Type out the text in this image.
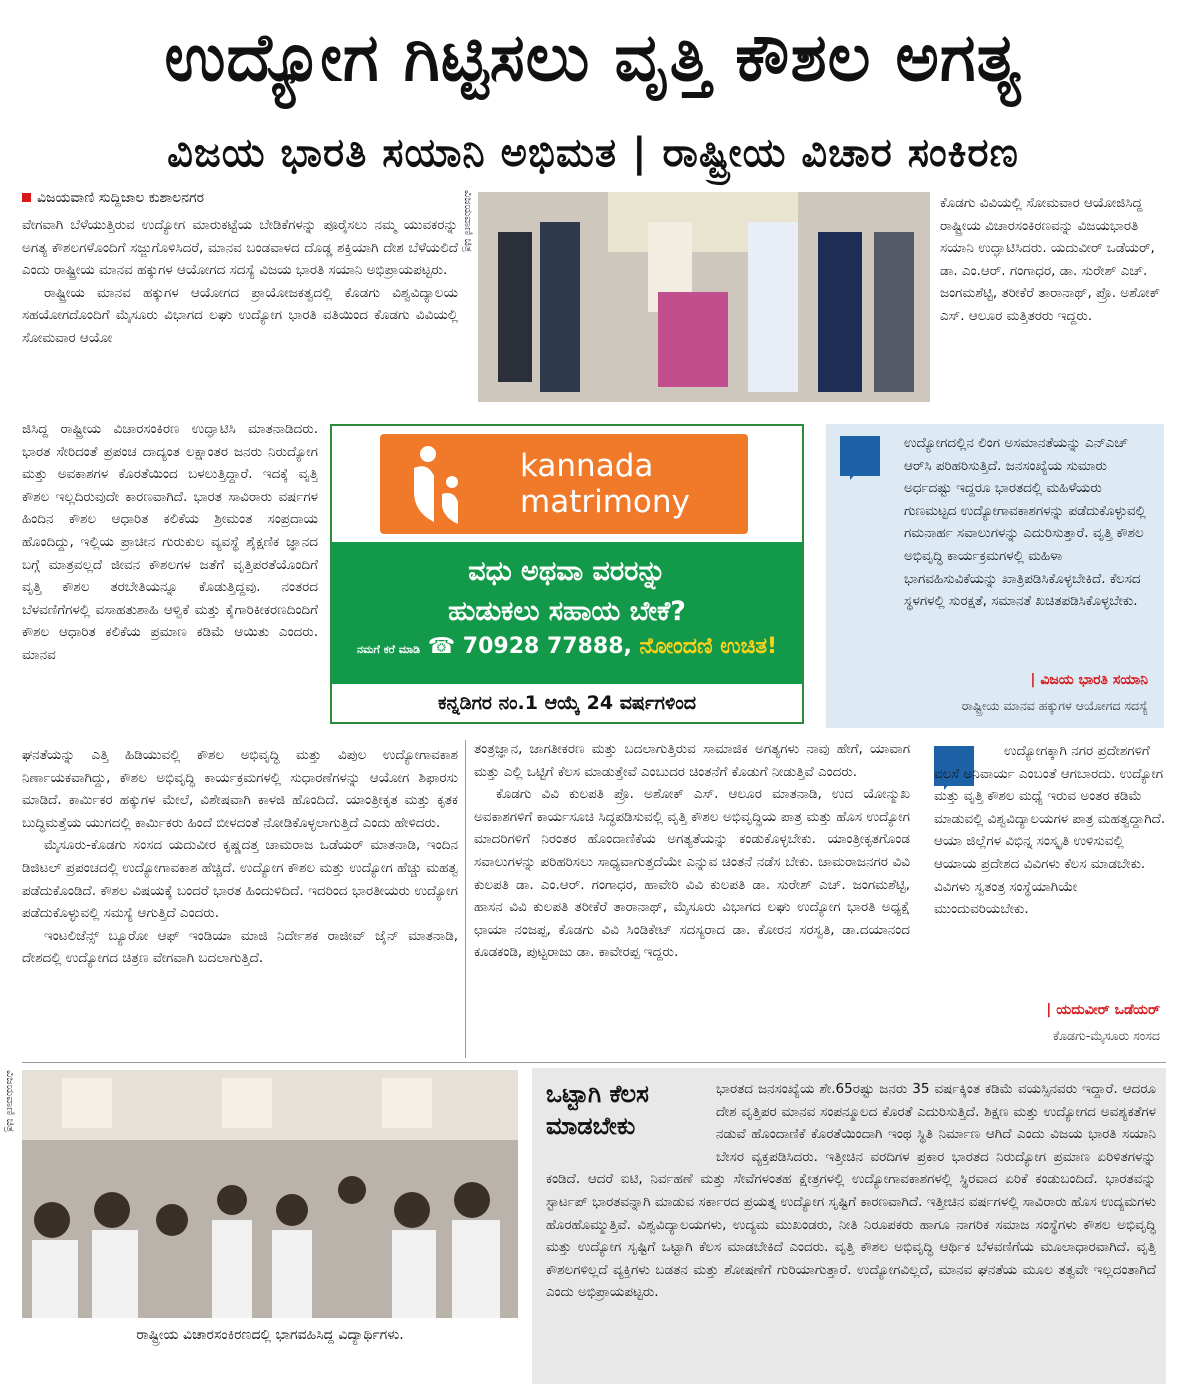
ಉದ್ಯೋಗ ಗಿಟ್ಟಿಸಲು ವೃತ್ತಿ ಕೌಶಲ ಅಗತ್ಯ
ವಿಜಯ ಭಾರತಿ ಸಯಾನಿ ಅಭಿಮತ | ರಾಷ್ಟ್ರೀಯ ವಿಚಾರ ಸಂಕಿರಣ
ವಿಜಯವಾಣಿ ಸುದ್ದಿಜಾಲ ಕುಶಾಲನಗರ
ವೇಗವಾಗಿ ಬೆಳೆಯುತ್ತಿರುವ ಉದ್ಯೋಗ ಮಾರುಕಟ್ಟೆಯ ಬೇಡಿಕೆಗಳನ್ನು ಪೂರೈಸಲು ನಮ್ಮ ಯುವಕರನ್ನು ಅಗತ್ಯ ಕೌಶಲಗಳೊಂದಿಗೆ ಸಜ್ಜುಗೊಳಿಸಿದರೆ, ಮಾನವ ಬಂಡವಾಳದ ದೊಡ್ಡ ಶಕ್ತಿಯಾಗಿ ದೇಶ ಬೆಳೆಯಲಿದೆ ಎಂದು ರಾಷ್ಟ್ರೀಯ ಮಾನವ ಹಕ್ಕುಗಳ ಆಯೋಗದ ಸದಸ್ಯೆ ವಿಜಯ ಭಾರತಿ ಸಯಾನಿ ಅಭಿಪ್ರಾಯಪಟ್ಟರು.
ರಾಷ್ಟ್ರೀಯ ಮಾನವ ಹಕ್ಕುಗಳ ಆಯೋಗದ ಪ್ರಾಯೋಜಕತ್ವದಲ್ಲಿ ಕೊಡಗು ವಿಶ್ವವಿದ್ಯಾಲಯ ಸಹಯೋಗದೊಂದಿಗೆ ಮೈಸೂರು ವಿಭಾಗದ ಲಘು ಉದ್ಯೋಗ ಭಾರತಿ ವತಿಯಿಂದ ಕೊಡಗು ವಿವಿಯಲ್ಲಿ ಸೋಮವಾರ ಆಯೋ
ವಿಜಯವಾಣಿ ಚಿತ್ರ	ಕೊಡಗು ವಿವಿಯಲ್ಲಿ ಸೋಮವಾರ ಆಯೋಜಿಸಿದ್ದ ರಾಷ್ಟ್ರೀಯ ವಿಚಾರಸಂಕಿರಣವನ್ನು ವಿಜಯಭಾರತಿ ಸಯಾನಿ ಉದ್ಘಾಟಿಸಿದರು. ಯದುವೀರ್ ಒಡೆಯರ್, ಡಾ. ಎಂ.ಆರ್. ಗಂಗಾಧರ, ಡಾ. ಸುರೇಶ್ ಎಚ್. ಜಂಗಮಶೆಟ್ಟಿ, ತರೀಕೆರೆ ತಾರಾನಾಥ್, ಪ್ರೊ. ಅಶೋಕ್ ಎಸ್. ಆಲೂರ ಮತ್ತಿತರರು ಇದ್ದರು.
ಜಿಸಿದ್ದ ರಾಷ್ಟ್ರೀಯ ವಿಚಾರಸಂಕಿರಣ ಉದ್ಘಾಟಿಸಿ ಮಾತನಾಡಿದರು. ಭಾರತ ಸೇರಿದಂತೆ ಪ್ರಪಂಚ ದಾದ್ಯಂತ ಲಕ್ಷಾಂತರ ಜನರು ನಿರುದ್ಯೋಗ ಮತ್ತು ಅವಕಾಶಗಳ ಕೊರತೆಯಿಂದ ಬಳಲುತ್ತಿದ್ದಾರೆ. ಇದಕ್ಕೆ ವೃತ್ತಿ ಕೌಶಲ ಇಲ್ಲದಿರುವುದೇ ಕಾರಣವಾಗಿದೆ. ಭಾರತ ಸಾವಿರಾರು ವರ್ಷಗಳ ಹಿಂದಿನ ಕೌಶಲ ಆಧಾರಿತ ಕಲಿಕೆಯ ಶ್ರೀಮಂತ ಸಂಪ್ರದಾಯ ಹೊಂದಿದ್ದು, ಇಲ್ಲಿಯ ಪ್ರಾಚೀನ ಗುರುಕುಲ ವ್ಯವಸ್ಥೆ ಶೈಕ್ಷಣಿಕ ಜ್ಞಾನದ ಬಗ್ಗೆ ಮಾತ್ರವಲ್ಲದೆ ಜೀವನ ಕೌಶಲಗಳ ಜತೆಗೆ ವೃತ್ತಿಪರತೆಯೊಂದಿಗೆ ವೃತ್ತಿ ಕೌಶಲ ತರಬೇತಿಯನ್ನೂ ಕೊಡುತ್ತಿದ್ದವು. ನಂತರದ ಬೆಳವಣಿಗೆಗಳಲ್ಲಿ ವಸಾಹತುಶಾಹಿ ಆಳ್ವಿಕೆ ಮತ್ತು ಕೈಗಾರಿಕೀಕರಣದಿಂದಿಗೆ ಕೌಶಲ ಆಧಾರಿತ ಕಲಿಕೆಯ ಪ್ರಮಾಣ ಕಡಿಮೆ ಆಯಿತು ಎಂದರು. ಮಾನವ
kannada
matrimony
ವಧು ಅಥವಾ ವರರನ್ನು
ಹುಡುಕಲು ಸಹಾಯ ಬೇಕೆ?
ನಮಗೆ ಕರೆ ಮಾಡಿ ☎ 70928 77888, ನೋಂದಣಿ ಉಚಿತ!
ಕನ್ನಡಿಗರ ನಂ.1 ಆಯ್ಕೆ 24 ವರ್ಷಗಳಿಂದ
ಉದ್ಯೋಗದಲ್ಲಿನ ಲಿಂಗ ಅಸಮಾನತೆಯನ್ನು ಎನ್‌ಎಚ್ ಆರ್‌ಸಿ ಪರಿಹರಿಸುತ್ತಿದೆ. ಜನಸಂಖ್ಯೆಯ ಸುಮಾರು ಅರ್ಧದಷ್ಟು ಇದ್ದರೂ ಭಾರತದಲ್ಲಿ ಮಹಿಳೆಯರು ಗುಣಮಟ್ಟದ ಉದ್ಯೋಗಾವಕಾಶಗಳನ್ನು ಪಡೆದುಕೊಳ್ಳುವಲ್ಲಿ ಗಮನಾರ್ಹ ಸವಾಲುಗಳನ್ನು ಎದುರಿಸುತ್ತಾರೆ. ವೃತ್ತಿ ಕೌಶಲ ಅಭಿವೃದ್ಧಿ ಕಾರ್ಯಕ್ರಮಗಳಲ್ಲಿ ಮಹಿಳಾ ಭಾಗವಹಿಸುವಿಕೆಯನ್ನು ಖಾತ್ರಿಪಡಿಸಿಕೊಳ್ಳಬೇಕಿದೆ. ಕೆಲಸದ ಸ್ಥಳಗಳಲ್ಲಿ ಸುರಕ್ಷತೆ, ಸಮಾನತೆ ಖಚಿತಪಡಿಸಿಕೊಳ್ಳಬೇಕು.
| ವಿಜಯ ಭಾರತಿ ಸಯಾನಿ
ರಾಷ್ಟ್ರೀಯ ಮಾನವ ಹಕ್ಕುಗಳ ಆಯೋಗದ ಸದಸ್ಯೆ
ಘನತೆಯನ್ನು ಎತ್ತಿ ಹಿಡಿಯುವಲ್ಲಿ ಕೌಶಲ ಅಭಿವೃದ್ಧಿ ಮತ್ತು ವಿಪುಲ ಉದ್ಯೋಗಾವಕಾಶ ನಿರ್ಣಾಯಕವಾಗಿದ್ದು, ಕೌಶಲ ಅಭಿವೃದ್ಧಿ ಕಾರ್ಯಕ್ರಮಗಳಲ್ಲಿ ಸುಧಾರಣೆಗಳನ್ನು ಆಯೋಗ ಶಿಫಾರಸು ಮಾಡಿದೆ. ಕಾರ್ಮಿಕರ ಹಕ್ಕುಗಳ ಮೇಲೆ, ವಿಶೇಷವಾಗಿ ಕಾಳಜಿ ಹೊಂದಿದೆ. ಯಾಂತ್ರೀಕೃತ ಮತ್ತು ಕೃತಕ ಬುದ್ಧಿಮತ್ತೆಯ ಯುಗದಲ್ಲಿ ಕಾರ್ಮಿಕರು ಹಿಂದೆ ಬೀಳದಂತೆ ನೋಡಿಕೊಳ್ಳಲಾಗುತ್ತಿದೆ ಎಂದು ಹೇಳಿದರು.
ಮೈಸೂರು-ಕೊಡಗು ಸಂಸದ ಯದುವೀರ ಕೃಷ್ಣದತ್ತ ಚಾಮರಾಜ ಒಡೆಯರ್ ಮಾತನಾಡಿ, ಇಂದಿನ ಡಿಜಿಟಲ್ ಪ್ರಪಂಚದಲ್ಲಿ ಉದ್ಯೋಗಾವಕಾಶ ಹೆಚ್ಚಿದೆ. ಉದ್ಯೋಗ ಕೌಶಲ ಮತ್ತು ಉದ್ಯೋಗ ಹೆಚ್ಚು ಮಹತ್ವ ಪಡೆದುಕೊಂಡಿದೆ. ಕೌಶಲ ವಿಷಯಕ್ಕೆ ಬಂದರೆ ಭಾರತ ಹಿಂದುಳಿದಿದೆ. ಇದರಿಂದ ಭಾರತೀಯರು ಉದ್ಯೋಗ ಪಡೆದುಕೊಳ್ಳುವಲ್ಲಿ ಸಮಸ್ಯೆ ಆಗುತ್ತಿದೆ ಎಂದರು.
ಇಂಟಲಿಜೆನ್ಸ್ ಬ್ಯೂರೋ ಆಫ್ ಇಂಡಿಯಾ ಮಾಜಿ ನಿರ್ದೇಶಕ ರಾಜೀವ್ ಜೈನ್ ಮಾತನಾಡಿ, ದೇಶದಲ್ಲಿ ಉದ್ಯೋಗದ ಚಿತ್ರಣ ವೇಗವಾಗಿ ಬದಲಾಗುತ್ತಿದೆ.
ತಂತ್ರಜ್ಞಾನ, ಜಾಗತೀಕರಣ ಮತ್ತು ಬದಲಾಗುತ್ತಿರುವ ಸಾಮಾಜಿಕ ಅಗತ್ಯಗಳು ನಾವು ಹೇಗೆ, ಯಾವಾಗ ಮತ್ತು ಎಲ್ಲಿ ಒಟ್ಟಿಗೆ ಕೆಲಸ ಮಾಡುತ್ತೇವೆ ಎಂಬುದರ ಚಿಂತನೆಗೆ ಕೊಡುಗೆ ನೀಡುತ್ತಿವೆ ಎಂದರು.
ಕೊಡಗು ವಿವಿ ಕುಲಪತಿ ಪ್ರೊ. ಅಶೋಕ್ ಎಸ್. ಆಲೂರ ಮಾತನಾಡಿ, ಉದ ಯೋನ್ಮುಖ ಅವಕಾಶಗಳಿಗೆ ಕಾರ್ಯಸೂಚಿ ಸಿದ್ಧಪಡಿಸುವಲ್ಲಿ ವೃತ್ತಿ ಕೌಶಲ ಅಭಿವೃದ್ಧಿಯ ಪಾತ್ರ ಮತ್ತು ಹೊಸ ಉದ್ಯೋಗ ಮಾದರಿಗಳಿಗೆ ನಿರಂತರ ಹೊಂದಾಣಿಕೆಯ ಅಗತ್ಯತೆಯನ್ನು ಕಂಡುಕೊಳ್ಳಬೇಕು. ಯಾಂತ್ರೀಕೃತಗೊಂಡ ಸವಾಲುಗಳನ್ನು ಪರಿಹರಿಸಲು ಸಾಧ್ಯವಾಗುತ್ತದೆಯೇ ಎನ್ನುವ ಚಿಂತನೆ ನಡೆಸ ಬೇಕು. ಚಾಮರಾಜನಗರ ವಿವಿ ಕುಲಪತಿ ಡಾ. ಎಂ.ಆರ್. ಗಂಗಾಧರ, ಹಾವೇರಿ ವಿವಿ ಕುಲಪತಿ ಡಾ. ಸುರೇಶ್ ಎಚ್. ಜಂಗಮಶೆಟ್ಟಿ, ಹಾಸನ ವಿವಿ ಕುಲಪತಿ ತರೀಕೆರೆ ತಾರಾನಾಥ್, ಮೈಸೂರು ವಿಭಾಗದ ಲಘು ಉದ್ಯೋಗ ಭಾರತಿ ಅಧ್ಯಕ್ಷೆ ಛಾಯಾ ನಂಜಪ್ಪ, ಕೊಡಗು ವಿವಿ ಸಿಂಡಿಕೇಟ್ ಸದಸ್ಯರಾದ ಡಾ. ಕೋರನ ಸರಸ್ವತಿ, ಡಾ.ದಯಾನಂದ ಕೂಡಕಂಡಿ, ಪುಟ್ಟರಾಜು ಡಾ. ಕಾವೇರಪ್ಪ ಇದ್ದರು.
ಉದ್ಯೋಗಕ್ಕಾಗಿ ನಗರ ಪ್ರದೇಶಗಳಿಗೆ ವಲಸೆ ಅನಿವಾರ್ಯ ಎಂಬಂತೆ ಆಗಬಾರದು. ಉದ್ಯೋಗ ಮತ್ತು ವೃತ್ತಿ ಕೌಶಲ ಮಧ್ಯೆ ಇರುವ ಅಂತರ ಕಡಿಮೆ ಮಾಡುವಲ್ಲಿ ವಿಶ್ವವಿದ್ಯಾಲಯಗಳ ಪಾತ್ರ ಮಹತ್ವದ್ದಾಗಿದೆ. ಆಯಾ ಜಿಲ್ಲೆಗಳ ವಿಭಿನ್ನ ಸಂಸ್ಕೃತಿ ಉಳಿಸುವಲ್ಲಿ ಆಯಾಯ ಪ್ರದೇಶದ ವಿವಿಗಳು ಕೆಲಸ ಮಾಡಬೇಕು. ವಿವಿಗಳು ಸ್ವತಂತ್ರ ಸಂಸ್ಥೆಯಾಗಿಯೇ ಮುಂದುವರಿಯಬೇಕು.
| ಯದುವೀರ್ ಒಡೆಯರ್
ಕೊಡಗು-ಮೈಸೂರು ಸಂಸದ
ವಿಜಯವಾಣಿ ಚಿತ್ರ
ರಾಷ್ಟ್ರೀಯ ವಿಚಾರಸಂಕಿರಣದಲ್ಲಿ ಭಾಗವಹಿಸಿದ್ದ ವಿದ್ಯಾರ್ಥಿಗಳು.
ಒಟ್ಟಾಗಿ ಕೆಲಸ
ಮಾಡಬೇಕು
ಭಾರತದ ಜನಸಂಖ್ಯೆಯ ಶೇ.65ರಷ್ಟು ಜನರು 35 ವರ್ಷಕ್ಕಿಂತ ಕಡಿಮೆ ವಯಸ್ಸಿನವರು ಇದ್ದಾರೆ. ಆದರೂ ದೇಶ ವೃತ್ತಿಪರ ಮಾನವ ಸಂಪನ್ಮೂಲದ ಕೊರತೆ ಎದುರಿಸುತ್ತಿದೆ. ಶಿಕ್ಷಣ ಮತ್ತು ಉದ್ಯೋಗದ ಅವಶ್ಯಕತೆಗಳ ನಡುವೆ ಹೊಂದಾಣಿಕೆ ಕೊರತೆಯಿಂದಾಗಿ ಇಂಥ ಸ್ಥಿತಿ ನಿರ್ಮಾಣ ಆಗಿದೆ ಎಂದು ವಿಜಯ ಭಾರತಿ ಸಯಾನಿ ಬೇಸರ ವ್ಯಕ್ತಪಡಿಸಿದರು. ಇತ್ತೀಚಿನ ವರದಿಗಳ ಪ್ರಕಾರ ಭಾರತದ ನಿರುದ್ಯೋಗ ಪ್ರಮಾಣ ಏರಿಳಿತಗಳನ್ನು ಕಂಡಿದೆ. ಆದರೆ ಐಟಿ, ನಿರ್ವಹಣೆ ಮತ್ತು ಸೇವೆಗಳಂತಹ ಕ್ಷೇತ್ರಗಳಲ್ಲಿ ಉದ್ಯೋಗಾವಕಾಶಗಳಲ್ಲಿ ಸ್ಥಿರವಾದ ಏರಿಕೆ ಕಂಡುಬಂದಿದೆ. ಭಾರತವನ್ನು ಸ್ಟಾರ್ಟಪ್ ಭಾರತವನ್ನಾಗಿ ಮಾಡುವ ಸರ್ಕಾರದ ಪ್ರಯತ್ನ ಉದ್ಯೋಗ ಸೃಷ್ಟಿಗೆ ಕಾರಣವಾಗಿದೆ. ಇತ್ತೀಚಿನ ವರ್ಷಗಳಲ್ಲಿ ಸಾವಿರಾರು ಹೊಸ ಉದ್ಯಮಗಳು ಹೊರಹೊಮ್ಮುತ್ತಿವೆ. ವಿಶ್ವವಿದ್ಯಾಲಯಗಳು, ಉದ್ಯಮ ಮುಖಂಡರು, ನೀತಿ ನಿರೂಪಕರು ಹಾಗೂ ನಾಗರಿಕ ಸಮಾಜ ಸಂಸ್ಥೆಗಳು ಕೌಶಲ ಅಭಿವೃದ್ಧಿ ಮತ್ತು ಉದ್ಯೋಗ ಸೃಷ್ಟಿಗೆ ಒಟ್ಟಾಗಿ ಕೆಲಸ ಮಾಡಬೇಕಿದೆ ಎಂದರು. ವೃತ್ತಿ ಕೌಶಲ ಅಭಿವೃದ್ಧಿ ಆರ್ಥಿಕ ಬೆಳವಣಿಗೆಯ ಮೂಲಾಧಾರವಾಗಿದೆ. ವೃತ್ತಿ ಕೌಶಲಗಳಿಲ್ಲದೆ ವ್ಯಕ್ತಿಗಳು ಬಡತನ ಮತ್ತು ಶೋಷಣೆಗೆ ಗುರಿಯಾಗುತ್ತಾರೆ. ಉದ್ಯೋಗವಿಲ್ಲದೆ, ಮಾನವ ಘನತೆಯ ಮೂಲ ತತ್ವವೇ ಇಲ್ಲದಂತಾಗಿದೆ ಎಂದು ಅಭಿಪ್ರಾಯಪಟ್ಟರು.
